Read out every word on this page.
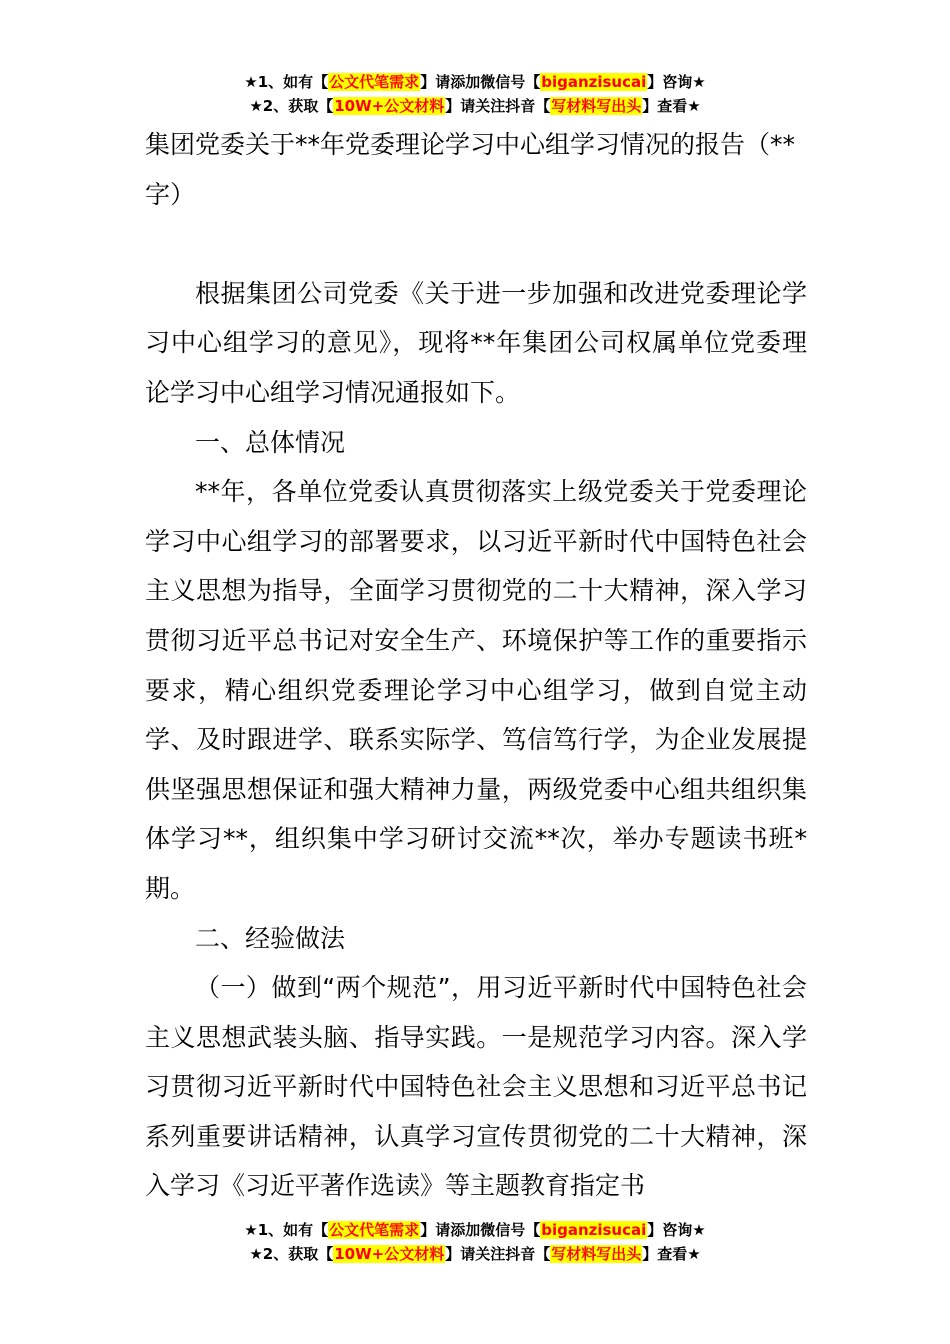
★1、如有【公文代笔需求】请添加微信号【biganzisucai】咨询★
★2、获取【10W+公文材料】请关注抖音【写材料写出头】查看★
集团党委关于**年党委理论学习中心组学习情况的报告（**字）

根据集团公司党委《关于进一步加强和改进党委理论学习中心组学习的意见》，现将**年集团公司权属单位党委理论学习中心组学习情况通报如下。

一、总体情况

**年，各单位党委认真贯彻落实上级党委关于党委理论学习中心组学习的部署要求，以习近平新时代中国特色社会主义思想为指导，全面学习贯彻党的二十大精神，深入学习贯彻习近平总书记对安全生产、环境保护等工作的重要指示要求，精心组织党委理论学习中心组学习，做到自觉主动学、及时跟进学、联系实际学、笃信笃行学，为企业发展提供坚强思想保证和强大精神力量，两级党委中心组共组织集体学习**，组织集中学习研讨交流**次，举办专题读书班*期。

二、经验做法

（一）做到“两个规范”，用习近平新时代中国特色社会主义思想武装头脑、指导实践。一是规范学习内容。深入学习贯彻习近平新时代中国特色社会主义思想和习近平总书记系列重要讲话精神，认真学习宣传贯彻党的二十大精神，深入学习《习近平著作选读》等主题教育指定书

★1、如有【公文代笔需求】请添加微信号【biganzisucai】咨询★
★2、获取【10W+公文材料】请关注抖音【写材料写出头】查看★
